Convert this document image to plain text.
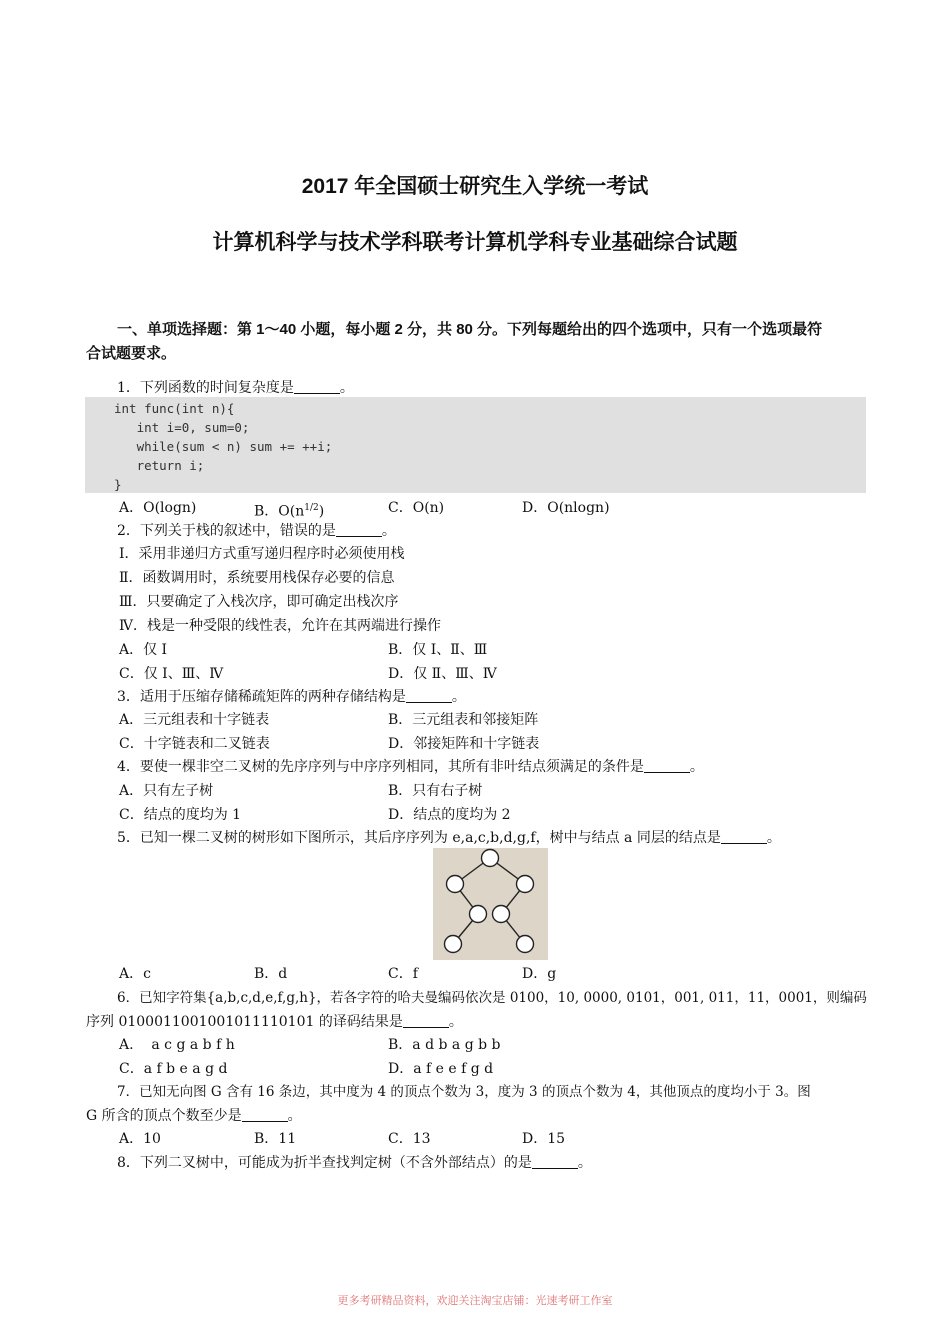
2017 年全国硕士研究生入学统一考试
计算机科学与技术学科联考计算机学科专业基础综合试题
一、单项选择题：第 1～40 小题，每小题 2 分，共 80 分。下列每题给出的四个选项中，只有一个选项最符
合试题要求。
1．下列函数的时间复杂度是	。
int func(int n){
int i=0, sum=0;
while(sum < n) sum += ++i;
return i;
}
A．O(logn)	B．$O(n^{1/2})$	C．O(n)	D．O(nlogn)
2．下列关于栈的叙述中，错误的是	。
Ⅰ．采用非递归方式重写递归程序时必须使用栈
Ⅱ．函数调用时，系统要用栈保存必要的信息
Ⅲ．只要确定了入栈次序，即可确定出栈次序
Ⅳ．栈是一种受限的线性表，允许在其两端进行操作
A．仅 Ⅰ	B．仅 Ⅰ、Ⅱ、Ⅲ
C．仅 Ⅰ、Ⅲ、Ⅳ	D．仅 Ⅱ、Ⅲ、Ⅳ
3．适用于压缩存储稀疏矩阵的两种存储结构是	。
A．三元组表和十字链表	B．三元组表和邻接矩阵
C．十字链表和二叉链表	D．邻接矩阵和十字链表
4．要使一棵非空二叉树的先序序列与中序序列相同，其所有非叶结点须满足的条件是	。
A．只有左子树	B．只有右子树
C．结点的度均为 1	D．结点的度均为 2
5．已知一棵二叉树的树形如下图所示，其后序序列为 e,a,c,b,d,g,f，树中与结点 a 同层的结点是	。
A．c	B．d	C．f	D．g
6．已知字符集{a,b,c,d,e,f,g,h}，若各字符的哈夫曼编码依次是 0100，10, 0000, 0101，001, 011，11，0001，则编码
序列 0100011001001011110101 的译码结果是	。
A.    a c g a b f h	B．a d b a g b b
C．a f b e a g d	D．a f e e f g d
7．已知无向图 G 含有 16 条边，其中度为 4 的顶点个数为 3，度为 3 的顶点个数为 4，其他顶点的度均小于 3。图
G 所含的顶点个数至少是	。
A．10	B．11	C．13	D．15
8．下列二叉树中，可能成为折半查找判定树（不含外部结点）的是	。
更多考研精品资料，欢迎关注淘宝店铺：光速考研工作室
